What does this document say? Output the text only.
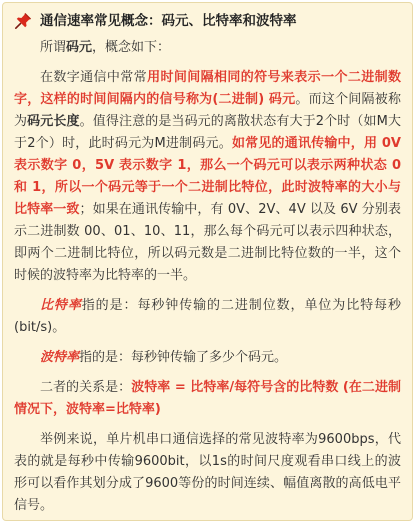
通信速率常见概念：码元、比特率和波特率

所谓码元，概念如下：

在数字通信中常常用时间间隔相同的符号来表示一个二进制数字，这样的时间间隔内的信号称为(二进制) 码元。而这个间隔被称为码元长度。值得注意的是当码元的离散状态有大于2个时（如M大于2个）时，此时码元为M进制码元。如常见的通讯传输中，用 0V 表示数字 0，5V 表示数字 1，那么一个码元可以表示两种状态 0 和 1，所以一个码元等于一个二进制比特位，此时波特率的大小与比特率一致；如果在通讯传输中，有 0V、2V、4V 以及 6V 分别表示二进制数 00、01、10、11，那么每个码元可以表示四种状态，即两个二进制比特位，所以码元数是二进制比特位数的一半，这个时候的波特率为比特率的一半。

比特率指的是：每秒钟传输的二进制位数，单位为比特每秒 (bit/s)。

波特率指的是：每秒钟传输了多少个码元。

二者的关系是：波特率 = 比特率/每符号含的比特数 (在二进制情况下，波特率=比特率)

举例来说，单片机串口通信选择的常见波特率为9600bps，代表的就是每秒中传输9600bit，以1s的时间尺度观看串口线上的波形可以看作其划分成了9600等份的时间连续、幅值离散的高低电平信号。
